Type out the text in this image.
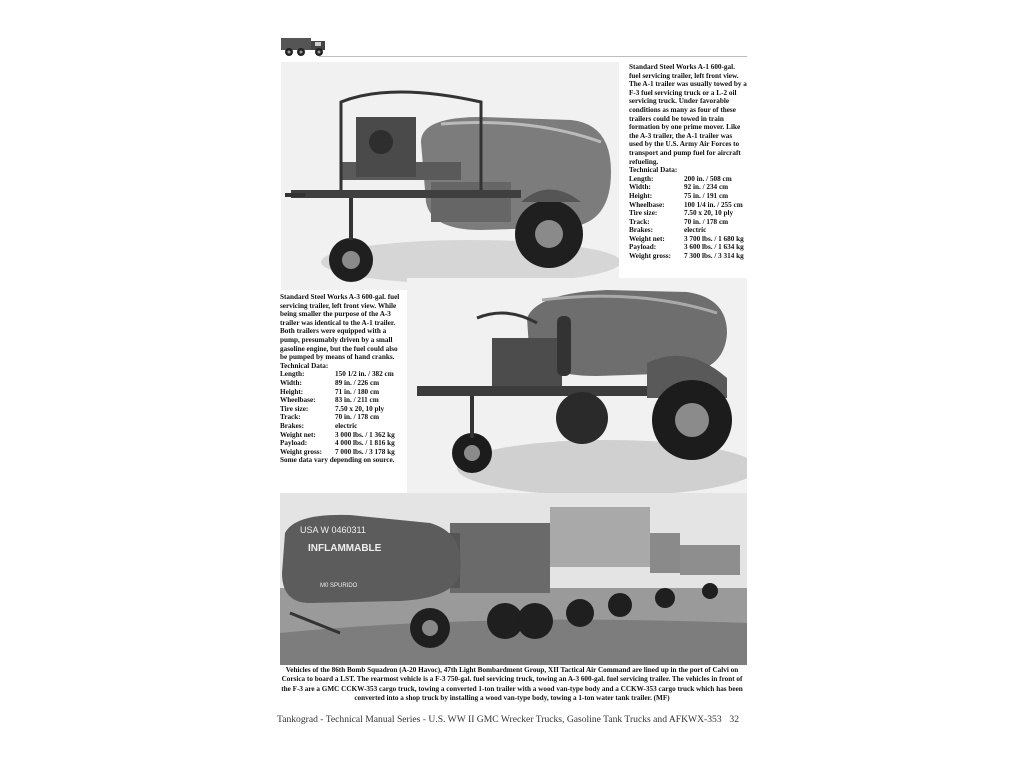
Standard Steel Works A-1 600-gal. fuel servicing trailer, left front view. The A-1 trailer was usually towed by a F-3 fuel servicing truck or a L-2 oil servicing truck. Under favorable conditions as many as four of these trailers could be towed in train formation by one prime mover. Like the A-3 trailer, the A-1 trailer was used by the U.S. Army Air Forces to transport and pump fuel for aircraft refueling.

Technical Data:
Length:	200 in. / 508 cm
Width:	92 in. / 234 cm
Height:	75 in. / 191 cm
Wheelbase:	100 1/4 in. / 255 cm
Tire size:	7.50 x 20, 10 ply
Track:	70 in. / 178 cm
Brakes:	electric
Weight net:	3 700 lbs. / 1 680 kg
Payload:	3 600 lbs. / 1 634 kg
Weight gross:	7 300 lbs. / 3 314 kg

Standard Steel Works A-3 600-gal. fuel servicing trailer, left front view. While being smaller the purpose of the A-3 trailer was identical to the A-1 trailer. Both trailers were equipped with a pump, presumably driven by a small gasoline engine, but the fuel could also be pumped by means of hand cranks.

Technical Data:
Length:	150 1/2 in. / 382 cm
Width:	89 in. / 226 cm
Height:	71 in. / 180 cm
Wheelbase:	83 in. / 211 cm
Tire size:	7.50 x 20, 10 ply
Track:	70 in. / 178 cm
Brakes:	electric
Weight net:	3 000 lbs. / 1 362 kg
Payload:	4 000 lbs. / 1 816 kg
Weight gross:	7 000 lbs. / 3 178 kg
Some data vary depending on source.
USA W 0460311
INFLAMMABLE
M0 SPURIDO
Vehicles of the 86th Bomb Squadron (A-20 Havoc), 47th Light Bombardment Group, XII Tactical Air Command are lined up in the port of Calvi on Corsica to board a LST. The rearmost vehicle is a F-3 750-gal. fuel servicing truck, towing an A-3 600-gal. fuel servicing trailer. The vehicles in front of the F-3 are a GMC CCKW-353 cargo truck, towing a converted 1-ton trailer with a wood van-type body and a CCKW-353 cargo truck which has been converted into a shop truck by installing a wood van-type body, towing a 1-ton water tank trailer. (MF)
Tankograd - Technical Manual Series - U.S. WW II GMC Wrecker Trucks, Gasoline Tank Trucks and AFKWX-353 32
